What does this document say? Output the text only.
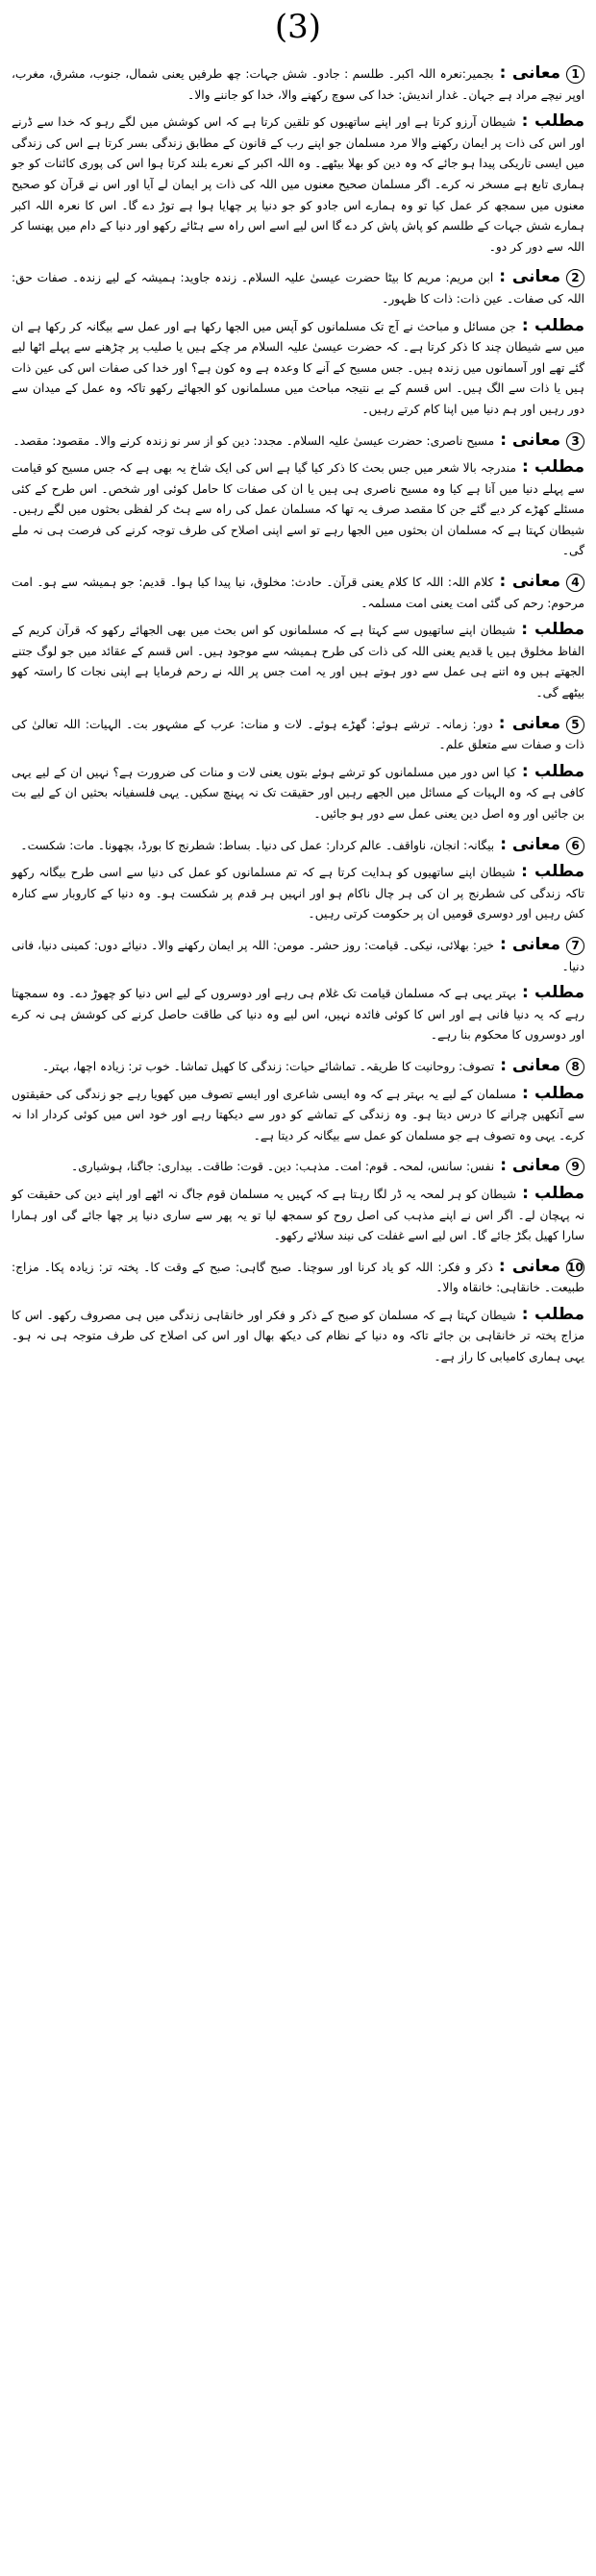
(3)

1معانی :بجمیر:نعرہ اللہ اکبر۔ طلسم : جادو۔ شش جہات: چھ طرفیں یعنی شمال، جنوب، مشرق، مغرب، اوپر نیچے مراد ہے جہان۔ غدار اندیش: خدا کی سوچ رکھنے والا، خدا کو جاننے والا۔

مطلب :شیطان آرزو کرتا ہے اور اپنے ساتھیوں کو تلقین کرتا ہے کہ اس کوشش میں لگے رہو کہ خدا سے ڈرنے اور اس کی ذات پر ایمان رکھنے والا مرد مسلمان جو اپنے رب کے قانون کے مطابق زندگی بسر کرتا ہے اس کی زندگی میں ایسی تاریکی پیدا ہو جائے کہ وہ دین کو بھلا بیٹھے۔ وہ اللہ اکبر کے نعرے بلند کرتا ہوا اس کی پوری کائنات کو جو ہماری تابع ہے مسخر نہ کرے۔ اگر مسلمان صحیح معنوں میں اللہ کی ذات پر ایمان لے آیا اور اس نے قرآن کو صحیح معنوں میں سمجھ کر عمل کیا تو وہ ہمارے اس جادو کو جو دنیا پر چھایا ہوا ہے توڑ دے گا۔ اس کا نعرہ اللہ اکبر ہمارے شش جہات کے طلسم کو پاش پاش کر دے گا اس لیے اسے اس راہ سے ہٹائے رکھو اور دنیا کے دام میں پھنسا کر اللہ سے دور کر دو۔

2معانی :ابن مریم: مریم کا بیٹا حضرت عیسیٰ علیہ السلام۔ زندہ جاوید: ہمیشہ کے لیے زندہ۔ صفات حق: اللہ کی صفات۔ عین ذات: ذات کا ظہور۔

مطلب :جن مسائل و مباحث نے آج تک مسلمانوں کو آپس میں الجھا رکھا ہے اور عمل سے بیگانہ کر رکھا ہے ان میں سے شیطان چند کا ذکر کرتا ہے۔ کہ حضرت عیسیٰ علیہ السلام مر چکے ہیں یا صلیب پر چڑھنے سے پہلے اٹھا لیے گئے تھے اور آسمانوں میں زندہ ہیں۔ جس مسیح کے آنے کا وعدہ ہے وہ کون ہے؟ اور خدا کی صفات اس کی عین ذات ہیں یا ذات سے الگ ہیں۔ اس قسم کے بے نتیجہ مباحث میں مسلمانوں کو الجھائے رکھو تاکہ وہ عمل کے میدان سے دور رہیں اور ہم دنیا میں اپنا کام کرتے رہیں۔

3معانی :مسیح ناصری: حضرت عیسیٰ علیہ السلام۔ مجدد: دین کو از سر نو زندہ کرنے والا۔ مقصود: مقصد۔

مطلب :مندرجہ بالا شعر میں جس بحث کا ذکر کیا گیا ہے اس کی ایک شاخ یہ بھی ہے کہ جس مسیح کو قیامت سے پہلے دنیا میں آنا ہے کیا وہ مسیح ناصری ہی ہیں یا ان کی صفات کا حامل کوئی اور شخص۔ اس طرح کے کئی مسئلے کھڑے کر دیے گئے جن کا مقصد صرف یہ تھا کہ مسلمان عمل کی راہ سے ہٹ کر لفظی بحثوں میں لگے رہیں۔ شیطان کہتا ہے کہ مسلمان ان بحثوں میں الجھا رہے تو اسے اپنی اصلاح کی طرف توجہ کرنے کی فرصت ہی نہ ملے گی۔

4معانی :کلام اللہ: اللہ کا کلام یعنی قرآن۔ حادث: مخلوق، نیا پیدا کیا ہوا۔ قدیم: جو ہمیشہ سے ہو۔ امت مرحوم: رحم کی گئی امت یعنی امت مسلمہ۔

مطلب :شیطان اپنے ساتھیوں سے کہتا ہے کہ مسلمانوں کو اس بحث میں بھی الجھائے رکھو کہ قرآن کریم کے الفاظ مخلوق ہیں یا قدیم یعنی اللہ کی ذات کی طرح ہمیشہ سے موجود ہیں۔ اس قسم کے عقائد میں جو لوگ جتنے الجھتے ہیں وہ اتنے ہی عمل سے دور ہوتے ہیں اور یہ امت جس پر اللہ نے رحم فرمایا ہے اپنی نجات کا راستہ کھو بیٹھے گی۔

5معانی :دور: زمانہ۔ ترشے ہوئے: گھڑے ہوئے۔ لات و منات: عرب کے مشہور بت۔ الہیات: اللہ تعالیٰ کی ذات و صفات سے متعلق علم۔

مطلب :کیا اس دور میں مسلمانوں کو ترشے ہوئے بتوں یعنی لات و منات کی ضرورت ہے؟ نہیں ان کے لیے یہی کافی ہے کہ وہ الہیات کے مسائل میں الجھے رہیں اور حقیقت تک نہ پہنچ سکیں۔ یہی فلسفیانہ بحثیں ان کے لیے بت بن جائیں اور وہ اصل دین یعنی عمل سے دور ہو جائیں۔

6معانی :بیگانہ: انجان، ناواقف۔ عالم کردار: عمل کی دنیا۔ بساط: شطرنج کا بورڈ، بچھونا۔ مات: شکست۔

مطلب :شیطان اپنے ساتھیوں کو ہدایت کرتا ہے کہ تم مسلمانوں کو عمل کی دنیا سے اسی طرح بیگانہ رکھو تاکہ زندگی کی شطرنج پر ان کی ہر چال ناکام ہو اور انہیں ہر قدم پر شکست ہو۔ وہ دنیا کے کاروبار سے کنارہ کش رہیں اور دوسری قومیں ان پر حکومت کرتی رہیں۔

7معانی :خیر: بھلائی، نیکی۔ قیامت: روز حشر۔ مومن: اللہ پر ایمان رکھنے والا۔ دنیائے دوں: کمینی دنیا، فانی دنیا۔

مطلب :بہتر یہی ہے کہ مسلمان قیامت تک غلام ہی رہے اور دوسروں کے لیے اس دنیا کو چھوڑ دے۔ وہ سمجھتا رہے کہ یہ دنیا فانی ہے اور اس کا کوئی فائدہ نہیں، اس لیے وہ دنیا کی طاقت حاصل کرنے کی کوشش ہی نہ کرے اور دوسروں کا محکوم بنا رہے۔

8معانی :تصوف: روحانیت کا طریقہ۔ تماشائے حیات: زندگی کا کھیل تماشا۔ خوب تر: زیادہ اچھا، بہتر۔

مطلب :مسلمان کے لیے یہ بہتر ہے کہ وہ ایسی شاعری اور ایسے تصوف میں کھویا رہے جو زندگی کی حقیقتوں سے آنکھیں چرانے کا درس دیتا ہو۔ وہ زندگی کے تماشے کو دور سے دیکھتا رہے اور خود اس میں کوئی کردار ادا نہ کرے۔ یہی وہ تصوف ہے جو مسلمان کو عمل سے بیگانہ کر دیتا ہے۔

9معانی :نفس: سانس، لمحہ۔ قوم: امت۔ مذہب: دین۔ قوت: طاقت۔ بیداری: جاگنا، ہوشیاری۔

مطلب :شیطان کو ہر لمحہ یہ ڈر لگا رہتا ہے کہ کہیں یہ مسلمان قوم جاگ نہ اٹھے اور اپنے دین کی حقیقت کو نہ پہچان لے۔ اگر اس نے اپنے مذہب کی اصل روح کو سمجھ لیا تو یہ پھر سے ساری دنیا پر چھا جائے گی اور ہمارا سارا کھیل بگڑ جائے گا۔ اس لیے اسے غفلت کی نیند سلائے رکھو۔

10معانی :ذکر و فکر: اللہ کو یاد کرنا اور سوچنا۔ صبح گاہی: صبح کے وقت کا۔ پختہ تر: زیادہ پکا۔ مزاج: طبیعت۔ خانقاہی: خانقاہ والا۔

مطلب :شیطان کہتا ہے کہ مسلمان کو صبح کے ذکر و فکر اور خانقاہی زندگی میں ہی مصروف رکھو۔ اس کا مزاج پختہ تر خانقاہی بن جائے تاکہ وہ دنیا کے نظام کی دیکھ بھال اور اس کی اصلاح کی طرف متوجہ ہی نہ ہو۔ یہی ہماری کامیابی کا راز ہے۔
